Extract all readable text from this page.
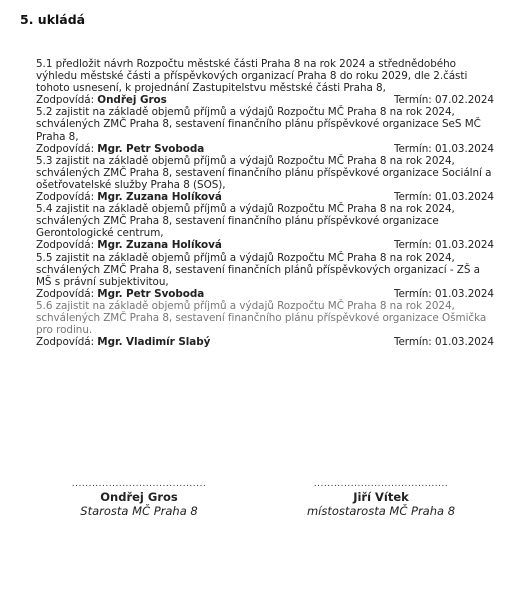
5. ukládá
5.1 předložit návrh Rozpočtu městské části Praha 8 na rok 2024 a střednědobého výhledu městské části a příspěvkových organizací Praha 8 do roku 2029, dle 2.části tohoto usnesení, k projednání Zastupitelstvu městské části Praha 8,
Zodpovídá: Ondřej Gros	Termín: 07.02.2024
5.2 zajistit na základě objemů příjmů a výdajů Rozpočtu MČ Praha 8 na rok 2024, schválených ZMČ Praha 8, sestavení finančního plánu příspěvkové organizace SeS MČ Praha 8,
Zodpovídá: Mgr. Petr Svoboda	Termín: 01.03.2024
5.3 zajistit na základě objemů příjmů a výdajů Rozpočtu MČ Praha 8 na rok 2024, schválených ZMČ Praha 8, sestavení finančního plánu příspěvkové organizace Sociální a ošetřovatelské služby Praha 8 (SOS),
Zodpovídá: Mgr. Zuzana Holíková	Termín: 01.03.2024
5.4 zajistit na základě objemů příjmů a výdajů Rozpočtu MČ Praha 8 na rok 2024, schválených ZMČ Praha 8, sestavení finančního plánu příspěvkové organizace Gerontologické centrum,
Zodpovídá: Mgr. Zuzana Holíková	Termín: 01.03.2024
5.5 zajistit na základě objemů příjmů a výdajů Rozpočtu MČ Praha 8 na rok 2024, schválených ZMČ Praha 8, sestavení finančních plánů příspěvkových organizací - ZŠ a MŠ s právní subjektivitou,
Zodpovídá: Mgr. Petr Svoboda	Termín: 01.03.2024
5.6 zajistit na základě objemů příjmů a výdajů Rozpočtu MČ Praha 8 na rok 2024, schválených ZMČ Praha 8, sestavení finančního plánu příspěvkové organizace Ošmička pro rodinu.
Zodpovídá: Mgr. Vladimír Slabý	Termín: 01.03.2024
........................................
Ondřej Gros
Starosta MČ Praha 8
........................................
Jiří Vítek
místostarosta MČ Praha 8
